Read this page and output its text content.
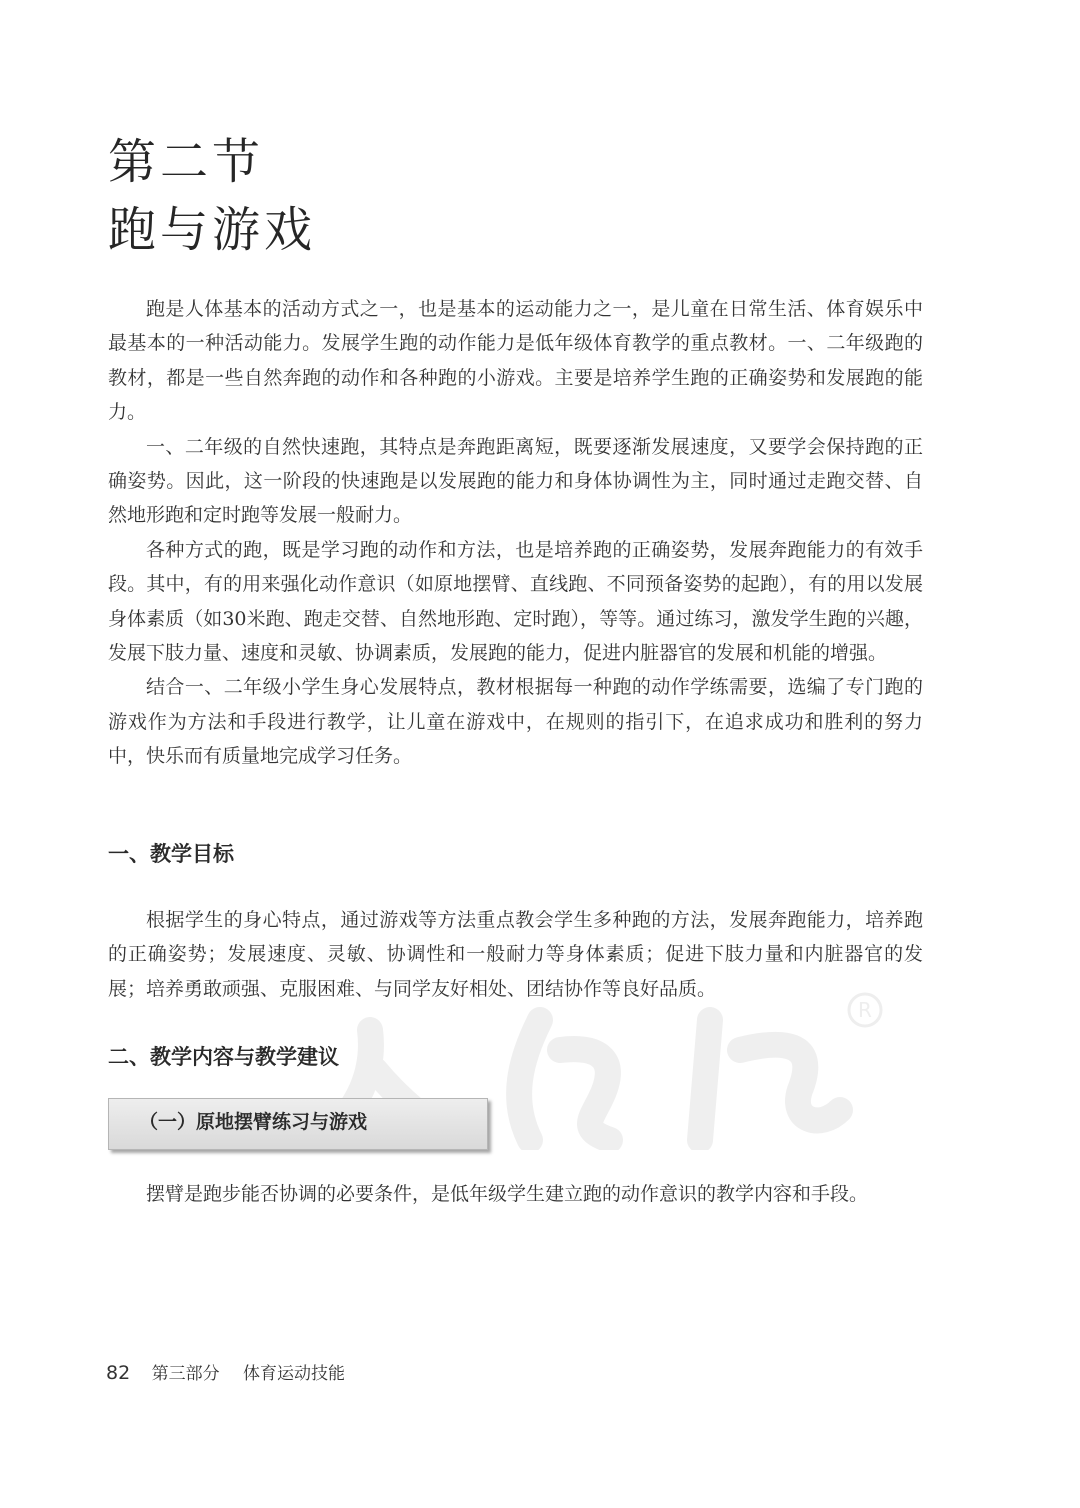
R
第二节
跑与游戏

跑是人体基本的活动方式之一，也是基本的运动能力之一，是儿童在日常生活、体育娱乐中最基本的一种活动能力。发展学生跑的动作能力是低年级体育教学的重点教材。一、二年级跑的教材，都是一些自然奔跑的动作和各种跑的小游戏。主要是培养学生跑的正确姿势和发展跑的能力。

一、二年级的自然快速跑，其特点是奔跑距离短，既要逐渐发展速度，又要学会保持跑的正确姿势。因此，这一阶段的快速跑是以发展跑的能力和身体协调性为主，同时通过走跑交替、自然地形跑和定时跑等发展一般耐力。

各种方式的跑，既是学习跑的动作和方法，也是培养跑的正确姿势，发展奔跑能力的有效手段。其中，有的用来强化动作意识（如原地摆臂、直线跑、不同预备姿势的起跑），有的用以发展身体素质（如30米跑、跑走交替、自然地形跑、定时跑），等等。通过练习，激发学生跑的兴趣，发展下肢力量、速度和灵敏、协调素质，发展跑的能力，促进内脏器官的发展和机能的增强。

结合一、二年级小学生身心发展特点，教材根据每一种跑的动作学练需要，选编了专门跑的游戏作为方法和手段进行教学，让儿童在游戏中，在规则的指引下，在追求成功和胜利的努力中，快乐而有质量地完成学习任务。

一、教学目标

根据学生的身心特点，通过游戏等方法重点教会学生多种跑的方法，发展奔跑能力，培养跑的正确姿势；发展速度、灵敏、协调性和一般耐力等身体素质；促进下肢力量和内脏器官的发展；培养勇敢顽强、克服困难、与同学友好相处、团结协作等良好品质。

二、教学内容与教学建议
（一）原地摆臂练习与游戏

摆臂是跑步能否协调的必要条件，是低年级学生建立跑的动作意识的教学内容和手段。

82 第三部分 体育运动技能
